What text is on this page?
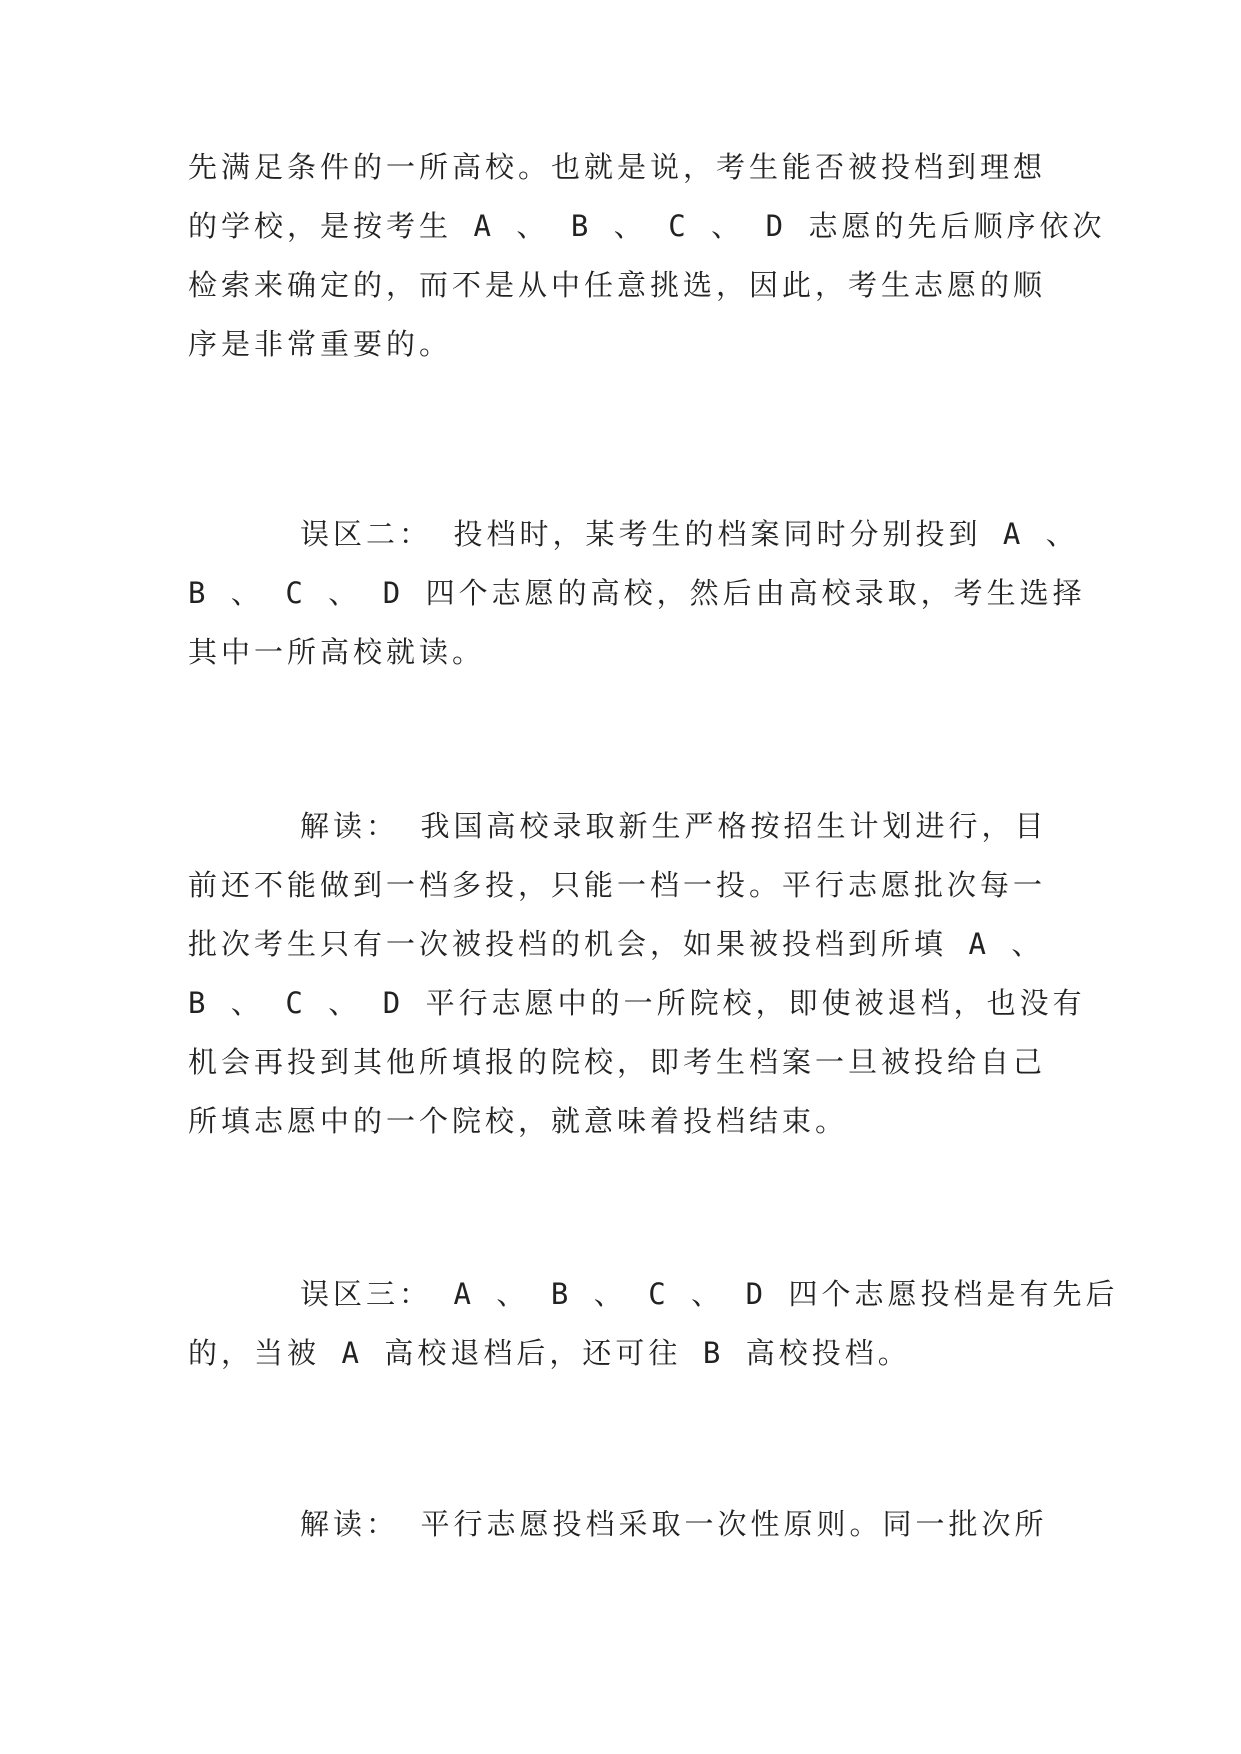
先满足条件的一所高校。也就是说，考生能否被投档到理想
的学校，是按考生 A 、 B 、 C 、 D 志愿的先后顺序依次
检索来确定的，而不是从中任意挑选，因此，考生志愿的顺
序是非常重要的。

误区二： 投档时，某考生的档案同时分别投到 A 、
B 、 C 、 D 四个志愿的高校，然后由高校录取，考生选择
其中一所高校就读。

解读： 我国高校录取新生严格按招生计划进行，目
前还不能做到一档多投，只能一档一投。平行志愿批次每一
批次考生只有一次被投档的机会，如果被投档到所填 A 、
B 、 C 、 D 平行志愿中的一所院校，即使被退档，也没有
机会再投到其他所填报的院校，即考生档案一旦被投给自己
所填志愿中的一个院校，就意味着投档结束。

误区三： A 、 B 、 C 、 D 四个志愿投档是有先后
的，当被 A 高校退档后，还可往 B 高校投档。

解读： 平行志愿投档采取一次性原则。同一批次所
